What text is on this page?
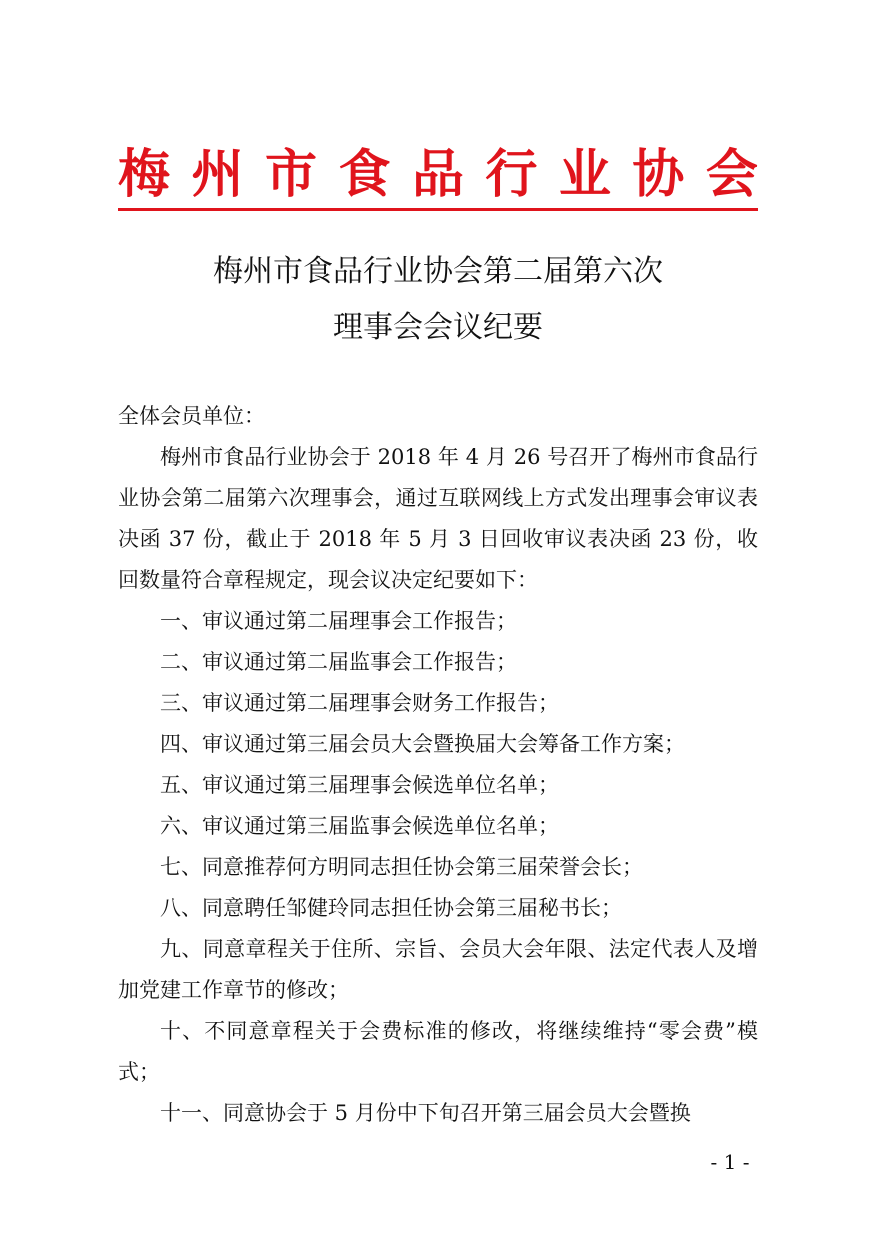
梅 州 市 食 品 行 业 协 会
梅州市食品行业协会第二届第六次
理事会会议纪要

全体会员单位：

梅州市食品行业协会于 2018 年 4 月 26 号召开了梅州市食品行业协会第二届第六次理事会，通过互联网线上方式发出理事会审议表决函 37 份，截止于 2018 年 5 月 3 日回收审议表决函 23 份，收回数量符合章程规定，现会议决定纪要如下：

一、审议通过第二届理事会工作报告；

二、审议通过第二届监事会工作报告；

三、审议通过第二届理事会财务工作报告；

四、审议通过第三届会员大会暨换届大会筹备工作方案；

五、审议通过第三届理事会候选单位名单；

六、审议通过第三届监事会候选单位名单；

七、同意推荐何方明同志担任协会第三届荣誉会长；

八、同意聘任邹健玲同志担任协会第三届秘书长；

九、同意章程关于住所、宗旨、会员大会年限、法定代表人及增加党建工作章节的修改；

十、不同意章程关于会费标准的修改，将继续维持“零会费”模式；

十一、同意协会于 5 月份中下旬召开第三届会员大会暨换

- 1 -
